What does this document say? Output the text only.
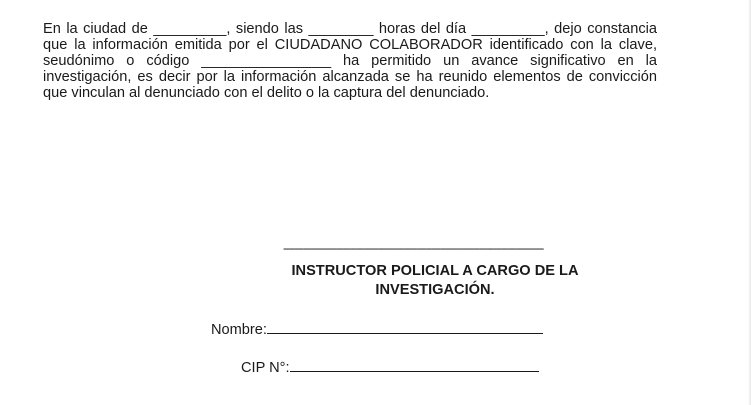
En la ciudad de _________, siendo las ________ horas del día _________, dejo constancia que la información emitida por el CIUDADANO COLABORADOR identificado con la clave, seudónimo o código ________________ ha permitido un avance significativo en la investigación, es decir por la información alcanzada se ha reunido elementos de convicción que vinculan al denunciado con el delito o la captura del denunciado.

---------------------------------------------------------------------------------------------
INSTRUCTOR POLICIAL A CARGO DE LA INVESTIGACIÓN.
Nombre:
CIP N°:
